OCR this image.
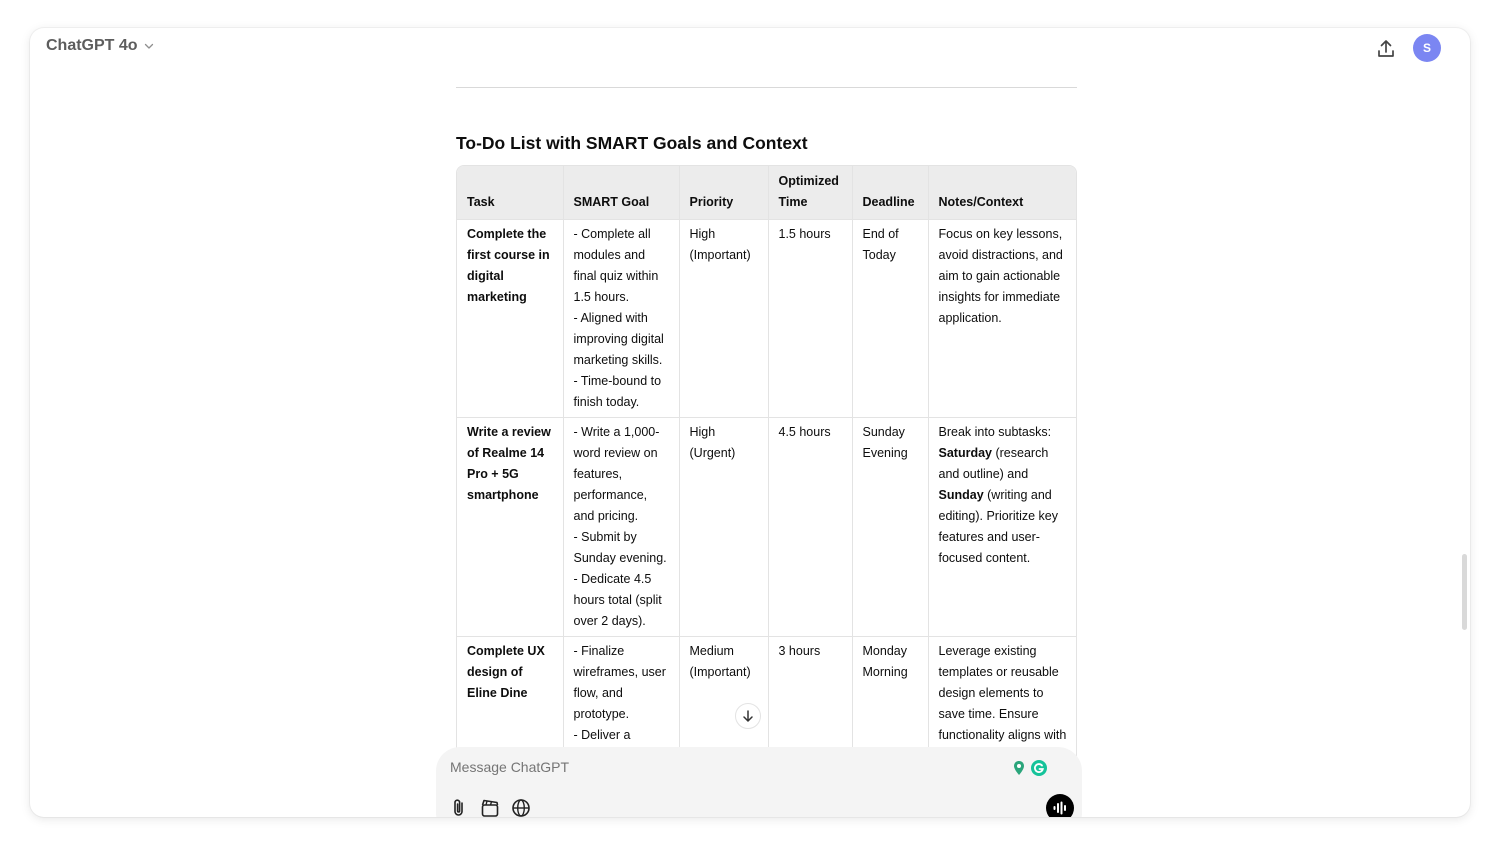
ChatGPT 4o	S
To-Do List with SMART Goals and Context
Task	SMART Goal	Priority	Optimized Time	Deadline	Notes/Context
Complete the first course in digital marketing	- Complete all modules and final quiz within 1.5 hours.
- Aligned with improving digital marketing skills.
- Time-bound to finish today.	High (Important)	1.5 hours	End of Today	Focus on key lessons, avoid distractions, and aim to gain actionable insights for immediate application.
Write a review of Realme 14 Pro + 5G smartphone	- Write a 1,000-word review on features, performance, and pricing.
- Submit by Sunday evening.
- Dedicate 4.5 hours total (split over 2 days).	High (Urgent)	4.5 hours	Sunday Evening	Break into subtasks: Saturday (research and outline) and Sunday (writing and editing). Prioritize key features and user-focused content.
Complete UX design of Eline Dine	- Finalize wireframes, user flow, and prototype.
- Deliver a	Medium (Important)	3 hours	Monday Morning	Leverage existing templates or reusable design elements to save time. Ensure functionality aligns with
Message ChatGPT
